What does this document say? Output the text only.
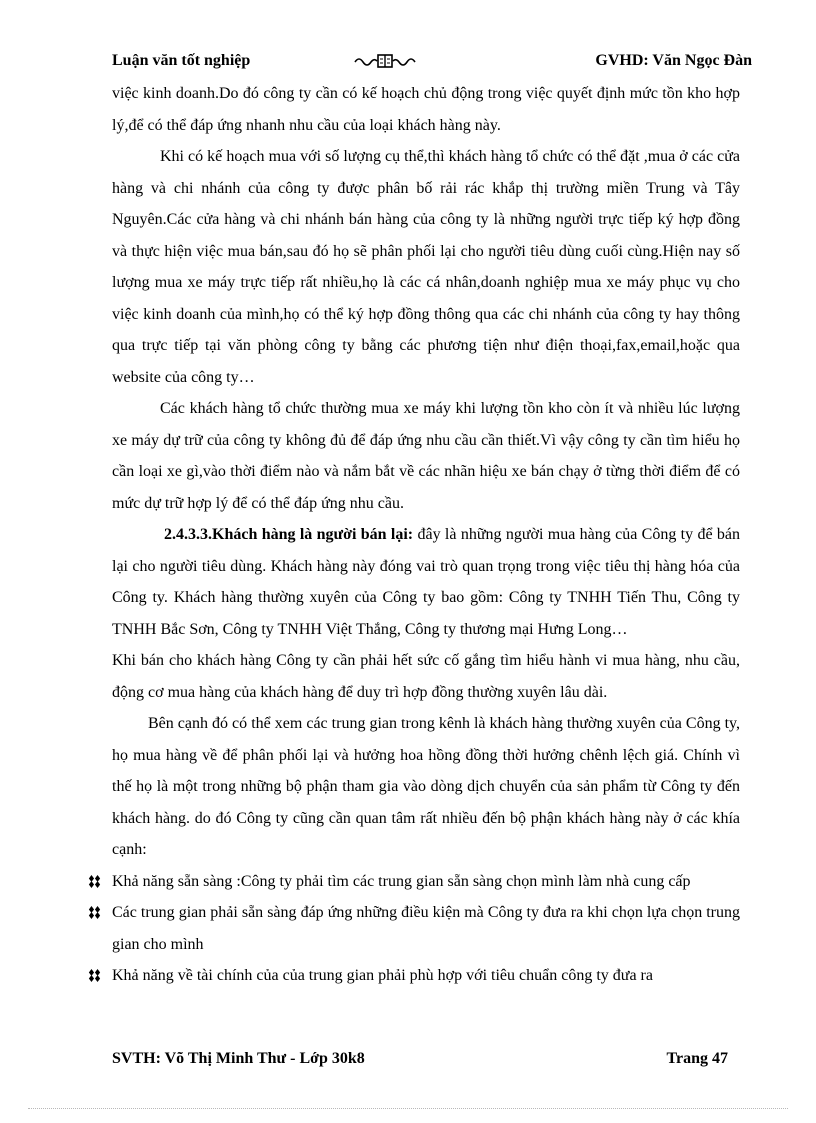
Luận văn tốt nghiệp	GVHD: Văn Ngọc Đàn

việc kinh doanh.Do đó công ty cần có kế hoạch chủ động trong việc quyết định mức tồn kho hợp lý,để có thể đáp ứng nhanh nhu cầu của loại khách hàng này.

Khi có kế hoạch mua với số lượng cụ thể,thì khách hàng tổ chức có thể đặt ,mua ở các cửa hàng và chi nhánh của công ty được phân bố rải rác khắp thị trường miền Trung và Tây Nguyên.Các cửa hàng và chi nhánh bán hàng của công ty là những người trực tiếp ký hợp đồng và thực hiện việc mua bán,sau đó họ sẽ phân phối lại cho người tiêu dùng cuối cùng.Hiện nay số lượng mua xe máy trực tiếp rất nhiều,họ là các cá nhân,doanh nghiệp mua xe máy phục vụ cho việc kinh doanh của mình,họ có thể ký hợp đồng thông qua các chi nhánh của công ty hay thông qua trực tiếp tại văn phòng công ty bằng các phương tiện như điện thoại,fax,email,hoặc qua website của công ty…

Các khách hàng tổ chức thường mua xe máy khi lượng tồn kho còn ít và nhiều lúc lượng xe máy dự trữ của công ty không đủ để đáp ứng nhu cầu cần thiết.Vì vậy công ty cần tìm hiểu họ cần loại xe gì,vào thời điểm nào và nắm bắt về các nhãn hiệu xe bán chạy ở từng thời điểm để có mức dự trữ hợp lý để có thể đáp ứng nhu cầu.

2.4.3.3.Khách hàng là người bán lại: đây là những người mua hàng của Công ty để bán lại cho người tiêu dùng. Khách hàng này đóng vai trò quan trọng trong việc tiêu thị hàng hóa của Công ty. Khách hàng thường xuyên của Công ty bao gồm: Công ty TNHH Tiến Thu, Công ty TNHH Bắc Sơn, Công ty TNHH Việt Thắng, Công ty thương mại Hưng Long…

Khi bán cho khách hàng Công ty cần phải hết sức cố gắng tìm hiểu hành vi mua hàng, nhu cầu, động cơ mua hàng của khách hàng để duy trì hợp đồng thường xuyên lâu dài.

Bên cạnh đó có thể xem các trung gian trong kênh là khách hàng thường xuyên của Công ty, họ mua hàng về để phân phối lại và hưởng hoa hồng đồng thời hưởng chênh lệch giá. Chính vì thế họ là một trong những bộ phận tham gia vào dòng dịch chuyển của sản phẩm từ Công ty đến khách hàng. do đó Công ty cũng cần quan tâm rất nhiều đến bộ phận khách hàng này ở các khía cạnh:

Khả năng sẵn sàng :Công ty phải tìm các trung gian sẵn sàng chọn mình làm nhà cung cấp
Các trung gian phải sẵn sàng đáp ứng những điều kiện mà Công ty đưa ra khi chọn lựa chọn trung gian cho mình
Khả năng về tài chính của của trung gian phải phù hợp với tiêu chuẩn công ty đưa ra
SVTH: Võ Thị Minh Thư - Lớp 30k8	Trang 47
